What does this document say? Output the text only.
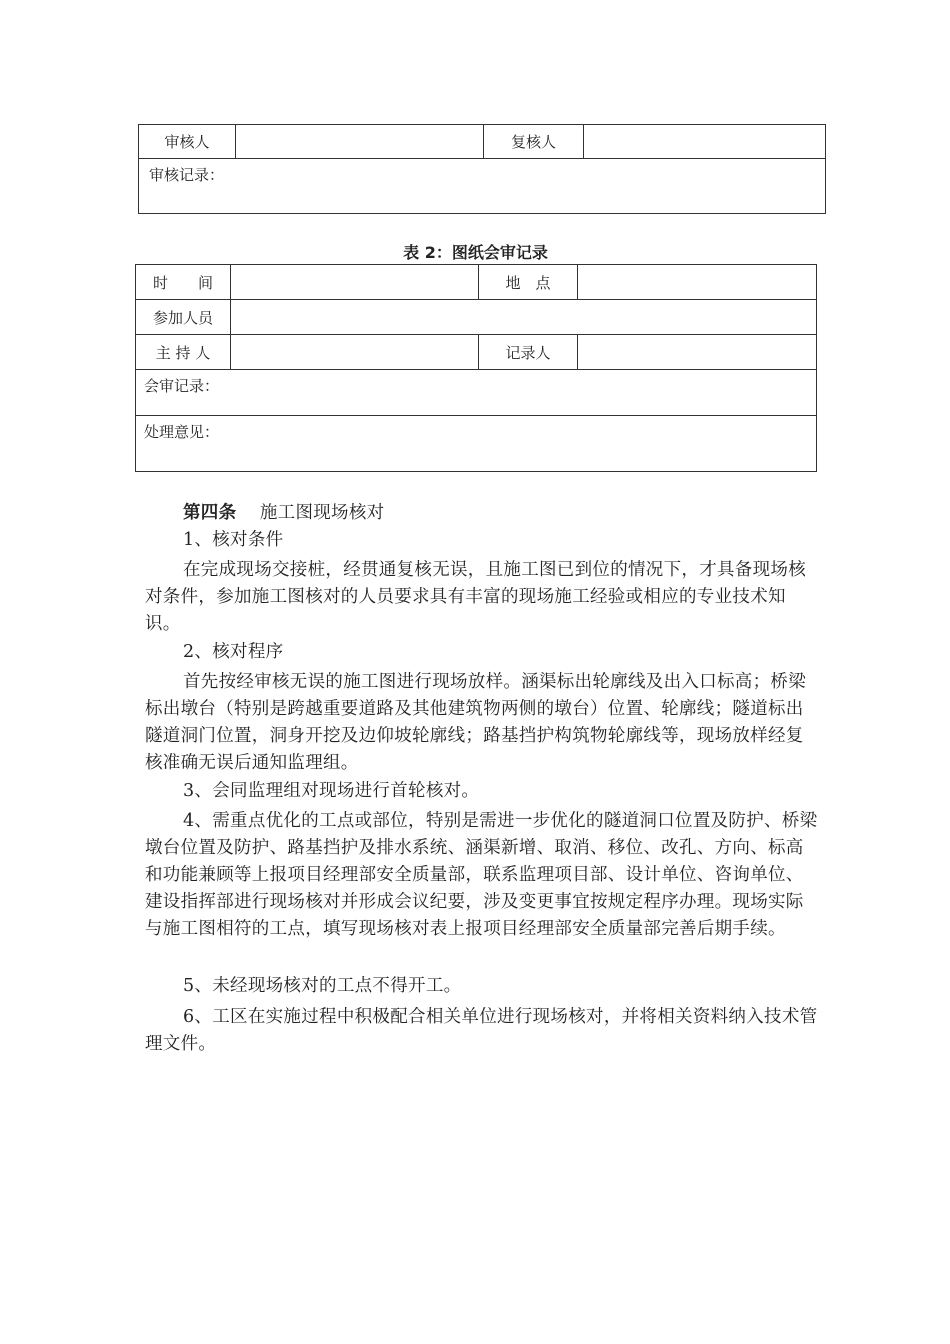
审核人		复核人	
审核记录：
表 2：图纸会审记录
时　　间		地　点	
参加人员			
主 持 人		记录人	
会审记录：			
处理意见：			
第四条 施工图现场核对
1、核对条件
在完成现场交接桩，经贯通复核无误，且施工图已到位的情况下，才具备现场核对条件，参加施工图核对的人员要求具有丰富的现场施工经验或相应的专业技术知识。
2、核对程序
首先按经审核无误的施工图进行现场放样。涵渠标出轮廓线及出入口标高；桥梁标出墩台（特别是跨越重要道路及其他建筑物两侧的墩台）位置、轮廓线；隧道标出隧道洞门位置，洞身开挖及边仰坡轮廓线；路基挡护构筑物轮廓线等，现场放样经复核准确无误后通知监理组。
3、会同监理组对现场进行首轮核对。
4、需重点优化的工点或部位，特别是需进一步优化的隧道洞口位置及防护、桥梁墩台位置及防护、路基挡护及排水系统、涵渠新增、取消、移位、改孔、方向、标高和功能兼顾等上报项目经理部安全质量部，联系监理项目部、设计单位、咨询单位、建设指挥部进行现场核对并形成会议纪要，涉及变更事宜按规定程序办理。现场实际与施工图相符的工点，填写现场核对表上报项目经理部安全质量部完善后期手续。
5、未经现场核对的工点不得开工。
6、工区在实施过程中积极配合相关单位进行现场核对，并将相关资料纳入技术管理文件。
